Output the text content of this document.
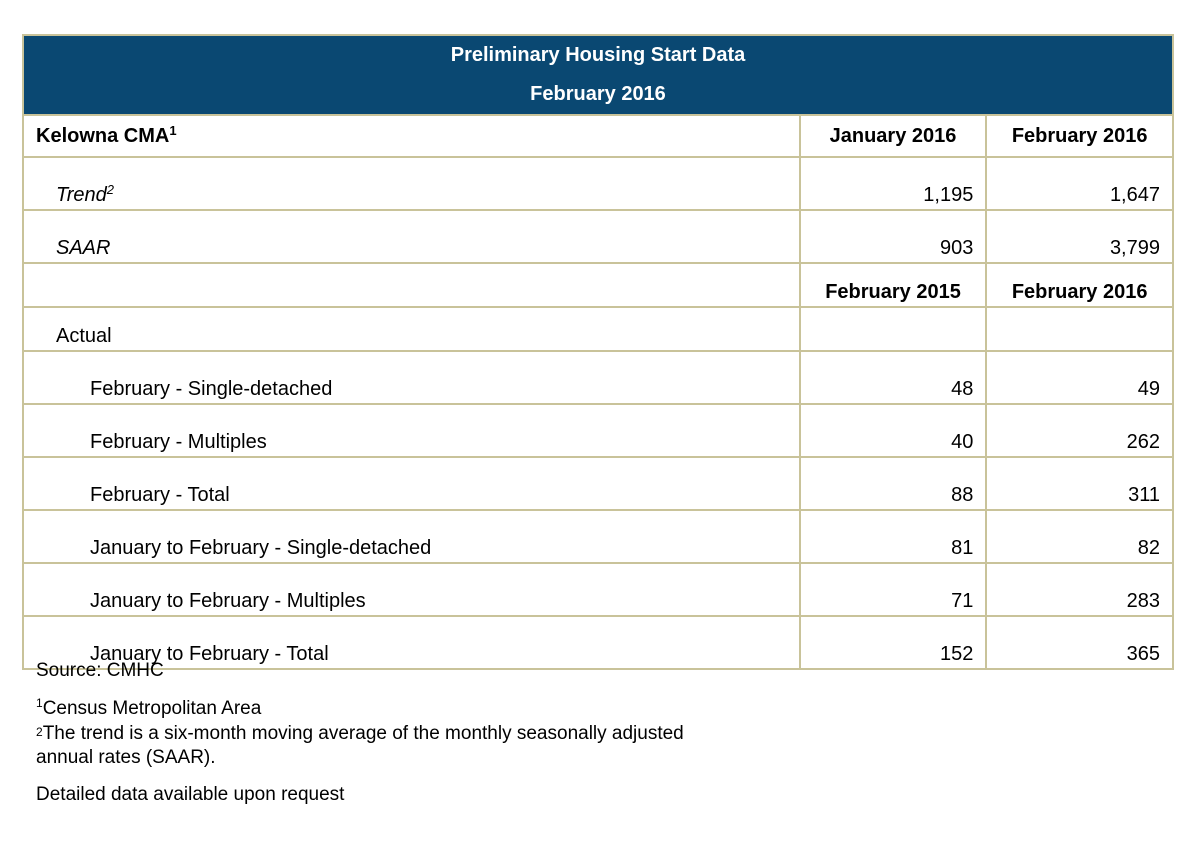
Preliminary Housing Start Data
February 2016		

Kelowna CMA$^1$	January 2016	February 2016
Trend$^2$	1,195	1,647
SAAR	903	3,799
	February 2015	February 2016
Actual		
February - Single-detached	48	49
February - Multiples	40	262
February - Total	88	311
January to February - Single-detached	81	82
January to February - Multiples	71	283
January to February - Total	152	365
Source: CMHC
$^1$Census Metropolitan Area
$^2$The trend is a six-month moving average of the monthly seasonally adjusted annual rates (SAAR).
Detailed data available upon request
